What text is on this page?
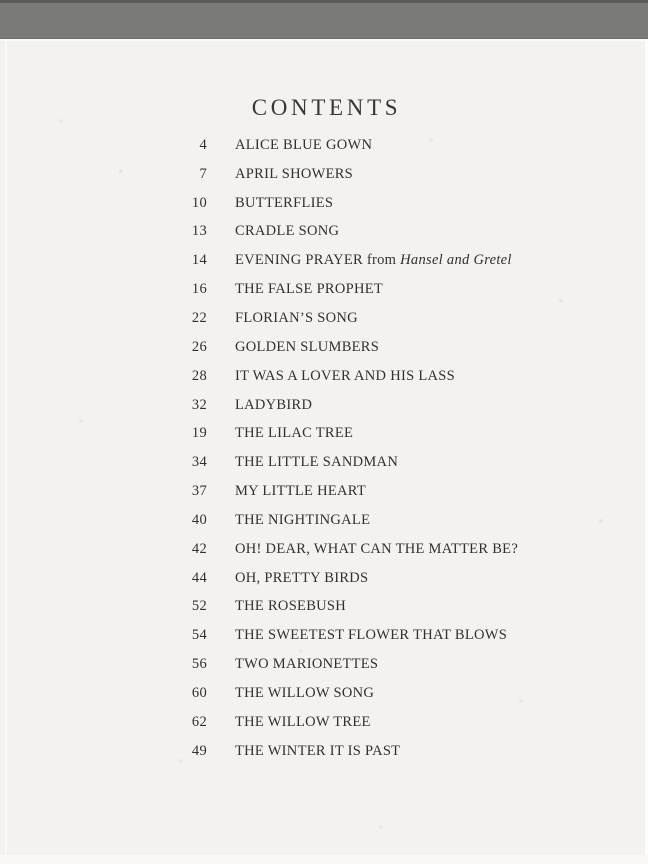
CONTENTS
4 ALICE BLUE GOWN
7 APRIL SHOWERS
10 BUTTERFLIES
13 CRADLE SONG
14 EVENING PRAYER from Hansel and Gretel
16 THE FALSE PROPHET
22 FLORIAN’S SONG
26 GOLDEN SLUMBERS
28 IT WAS A LOVER AND HIS LASS
32 LADYBIRD
19 THE LILAC TREE
34 THE LITTLE SANDMAN
37 MY LITTLE HEART
40 THE NIGHTINGALE
42 OH! DEAR, WHAT CAN THE MATTER BE?
44 OH, PRETTY BIRDS
52 THE ROSEBUSH
54 THE SWEETEST FLOWER THAT BLOWS
56 TWO MARIONETTES
60 THE WILLOW SONG
62 THE WILLOW TREE
49 THE WINTER IT IS PAST
